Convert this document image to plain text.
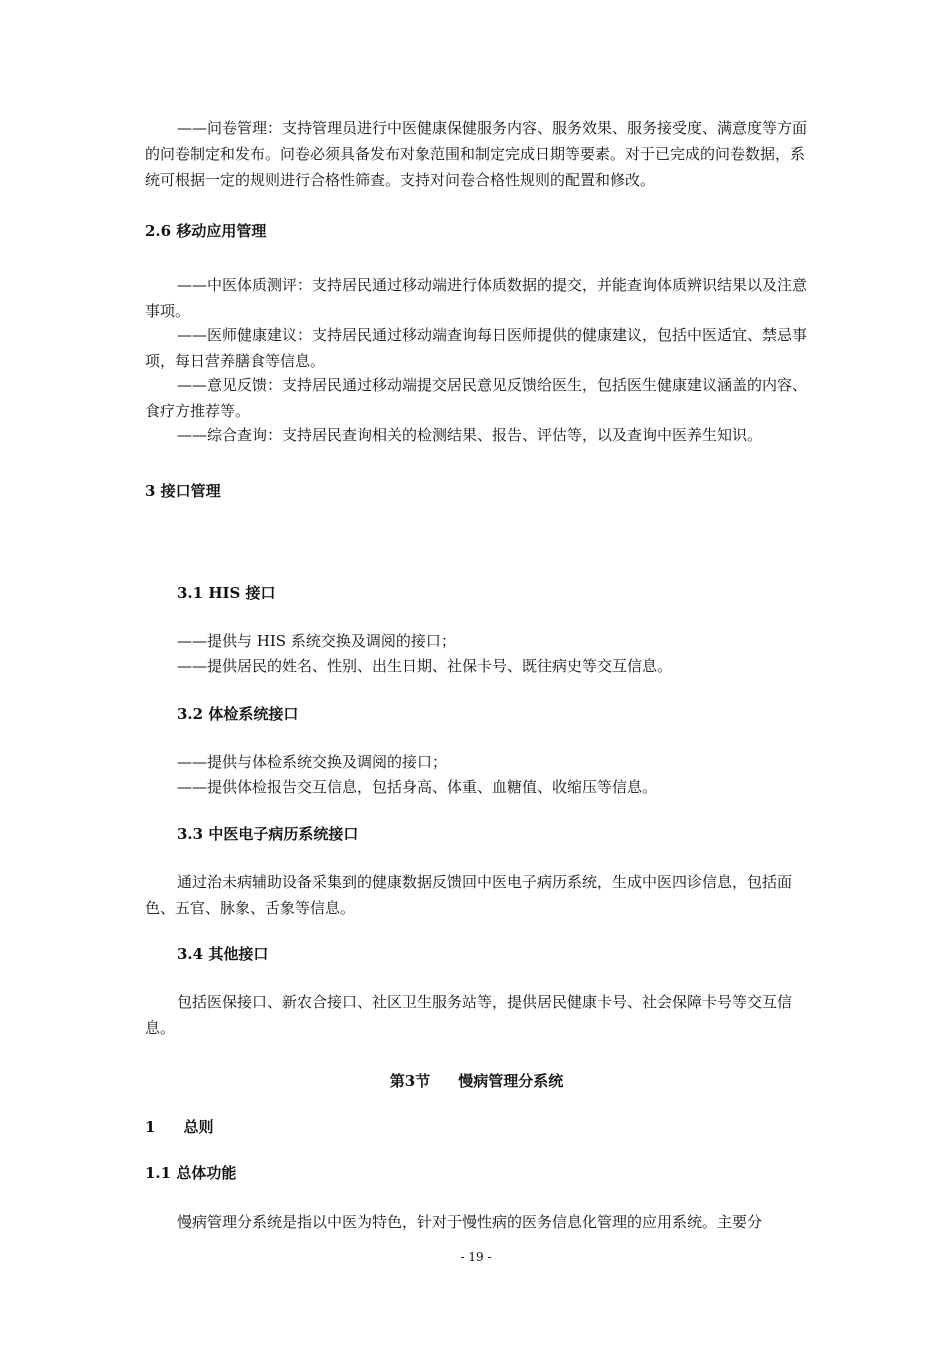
——问卷管理：支持管理员进行中医健康保健服务内容、服务效果、服务接受度、满意度等方面的问卷制定和发布。问卷必须具备发布对象范围和制定完成日期等要素。对于已完成的问卷数据，系统可根据一定的规则进行合格性筛查。支持对问卷合格性规则的配置和修改。

2.6 移动应用管理

——中医体质测评：支持居民通过移动端进行体质数据的提交，并能查询体质辨识结果以及注意事项。

——医师健康建议：支持居民通过移动端查询每日医师提供的健康建议，包括中医适宜、禁忌事项，每日营养膳食等信息。

——意见反馈：支持居民通过移动端提交居民意见反馈给医生，包括医生健康建议涵盖的内容、食疗方推荐等。

——综合查询：支持居民查询相关的检测结果、报告、评估等，以及查询中医养生知识。

3 接口管理

3.1 HIS 接口

——提供与 HIS 系统交换及调阅的接口；

——提供居民的姓名、性别、出生日期、社保卡号、既往病史等交互信息。

3.2 体检系统接口

——提供与体检系统交换及调阅的接口；

——提供体检报告交互信息，包括身高、体重、血糖值、收缩压等信息。

3.3 中医电子病历系统接口

通过治未病辅助设备采集到的健康数据反馈回中医电子病历系统，生成中医四诊信息，包括面色、五官、脉象、舌象等信息。

3.4 其他接口

包括医保接口、新农合接口、社区卫生服务站等，提供居民健康卡号、社会保障卡号等交互信息。

第3节 慢病管理分系统

1 总则

1.1 总体功能

慢病管理分系统是指以中医为特色，针对于慢性病的医务信息化管理的应用系统。主要分

- 19 -
